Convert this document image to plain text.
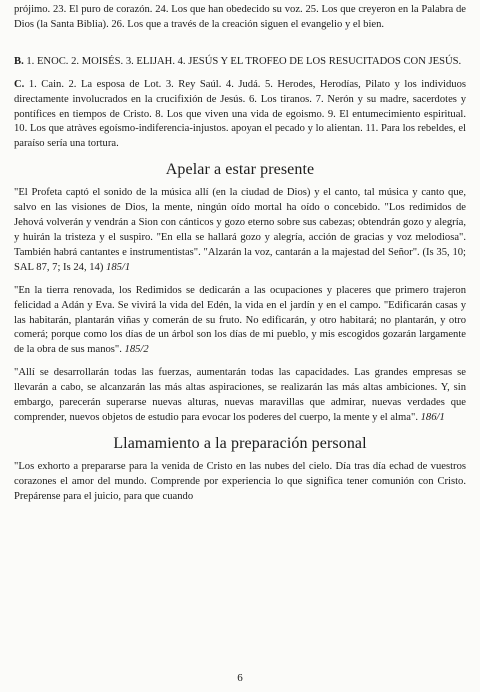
prójimo. 23. El puro de corazón. 24. Los que han obedecido su voz. 25. Los que creyeron en la Palabra de Dios (la Santa Biblia). 26. Los que a través de la creación siguen el evangelio y el bien.

B. 1. ENOC. 2. MOISÉS. 3. ELIJAH. 4. JESÚS Y EL TROFEO DE LOS RESUCITADOS CON JESÚS.

C. 1. Cain. 2. La esposa de Lot. 3. Rey Saúl. 4. Judá. 5. Herodes, Herodías, Pilato y los individuos directamente involucrados en la crucifixión de Jesús. 6. Los tiranos. 7. Nerón y su madre, sacerdotes y pontífices en tiempos de Cristo. 8. Los que viven una vida de egoismo. 9. El entumecimiento espiritual. 10. Los que atràves egoísmo-indiferencia-injustos. apoyan el pecado y lo alientan. 11. Para los rebeldes, el paraíso sería una tortura.

Apelar a estar presente

"El Profeta captó el sonido de la música allí (en la ciudad de Dios) y el canto, tal música y canto que, salvo en las visiones de Dios, la mente, ningún oído mortal ha oído o concebido. "Los redimidos de Jehová volverán y vendrán a Sion con cánticos y gozo eterno sobre sus cabezas; obtendrán gozo y alegría, y huirán la tristeza y el suspiro. "En ella se hallará gozo y alegría, acción de gracias y voz melodiosa". También habrá cantantes e instrumentistas". "Alzarán la voz, cantarán a la majestad del Señor". (Is 35, 10; SAL 87, 7; Is 24, 14) 185/1

"En la tierra renovada, los Redimidos se dedicarán a las ocupaciones y placeres que primero trajeron felicidad a Adán y Eva. Se vivirá la vida del Edén, la vida en el jardín y en el campo. "Edificarán casas y las habitarán, plantarán viñas y comerán de su fruto. No edificarán, y otro habitará; no plantarán, y otro comerá; porque como los días de un árbol son los días de mi pueblo, y mis escogidos gozarán largamente de la obra de sus manos". 185/2

"Allí se desarrollarán todas las fuerzas, aumentarán todas las capacidades. Las grandes empresas se llevarán a cabo, se alcanzarán las más altas aspiraciones, se realizarán las más altas ambiciones. Y, sin embargo, parecerán superarse nuevas alturas, nuevas maravillas que admirar, nuevas verdades que comprender, nuevos objetos de estudio para evocar los poderes del cuerpo, la mente y el alma". 186/1

Llamamiento a la preparación personal

"Los exhorto a prepararse para la venida de Cristo en las nubes del cielo. Día tras día echad de vuestros corazones el amor del mundo. Comprende por experiencia lo que significa tener comunión con Cristo. Prepárense para el juicio, para que cuando

6
